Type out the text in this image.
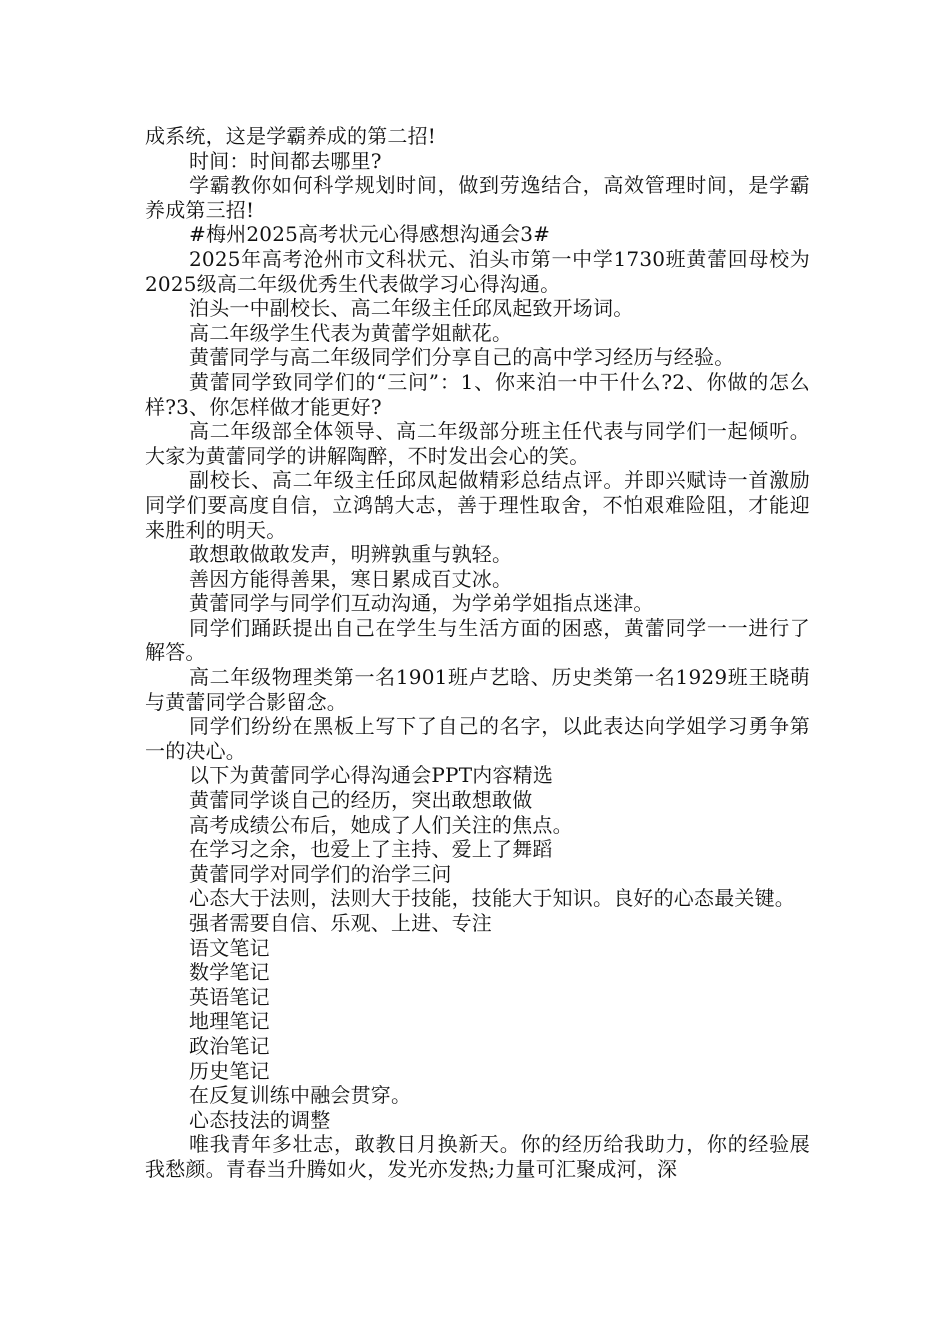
成系统，这是学霸养成的第二招!

时间：时间都去哪里?

学霸教你如何科学规划时间，做到劳逸结合，高效管理时间，是学霸养成第三招!

#梅州2025高考状元心得感想沟通会3#

2025年高考沧州市文科状元、泊头市第一中学1730班黄蕾回母校为2025级高二年级优秀生代表做学习心得沟通。

泊头一中副校长、高二年级主任邱凤起致开场词。

高二年级学生代表为黄蕾学姐献花。

黄蕾同学与高二年级同学们分享自己的高中学习经历与经验。

黄蕾同学致同学们的“三问”：1、你来泊一中干什么?2、你做的怎么样?3、你怎样做才能更好?

高二年级部全体领导、高二年级部分班主任代表与同学们一起倾听。大家为黄蕾同学的讲解陶醉，不时发出会心的笑。

副校长、高二年级主任邱凤起做精彩总结点评。并即兴赋诗一首激励同学们要高度自信，立鸿鹄大志，善于理性取舍，不怕艰难险阻，才能迎来胜利的明天。

敢想敢做敢发声，明辨孰重与孰轻。

善因方能得善果，寒日累成百丈冰。

黄蕾同学与同学们互动沟通，为学弟学姐指点迷津。

同学们踊跃提出自己在学生与生活方面的困惑，黄蕾同学一一进行了解答。

高二年级物理类第一名1901班卢艺晗、历史类第一名1929班王晓萌与黄蕾同学合影留念。

同学们纷纷在黑板上写下了自己的名字，以此表达向学姐学习勇争第一的决心。

以下为黄蕾同学心得沟通会PPT内容精选

黄蕾同学谈自己的经历，突出敢想敢做

高考成绩公布后，她成了人们关注的焦点。

在学习之余，也爱上了主持、爱上了舞蹈

黄蕾同学对同学们的治学三问

心态大于法则，法则大于技能，技能大于知识。良好的心态最关键。

强者需要自信、乐观、上进、专注

语文笔记

数学笔记

英语笔记

地理笔记

政治笔记

历史笔记

在反复训练中融会贯穿。

心态技法的调整

唯我青年多壮志，敢教日月换新天。你的经历给我助力，你的经验展我愁颜。青春当升腾如火，发光亦发热;力量可汇聚成河，深
